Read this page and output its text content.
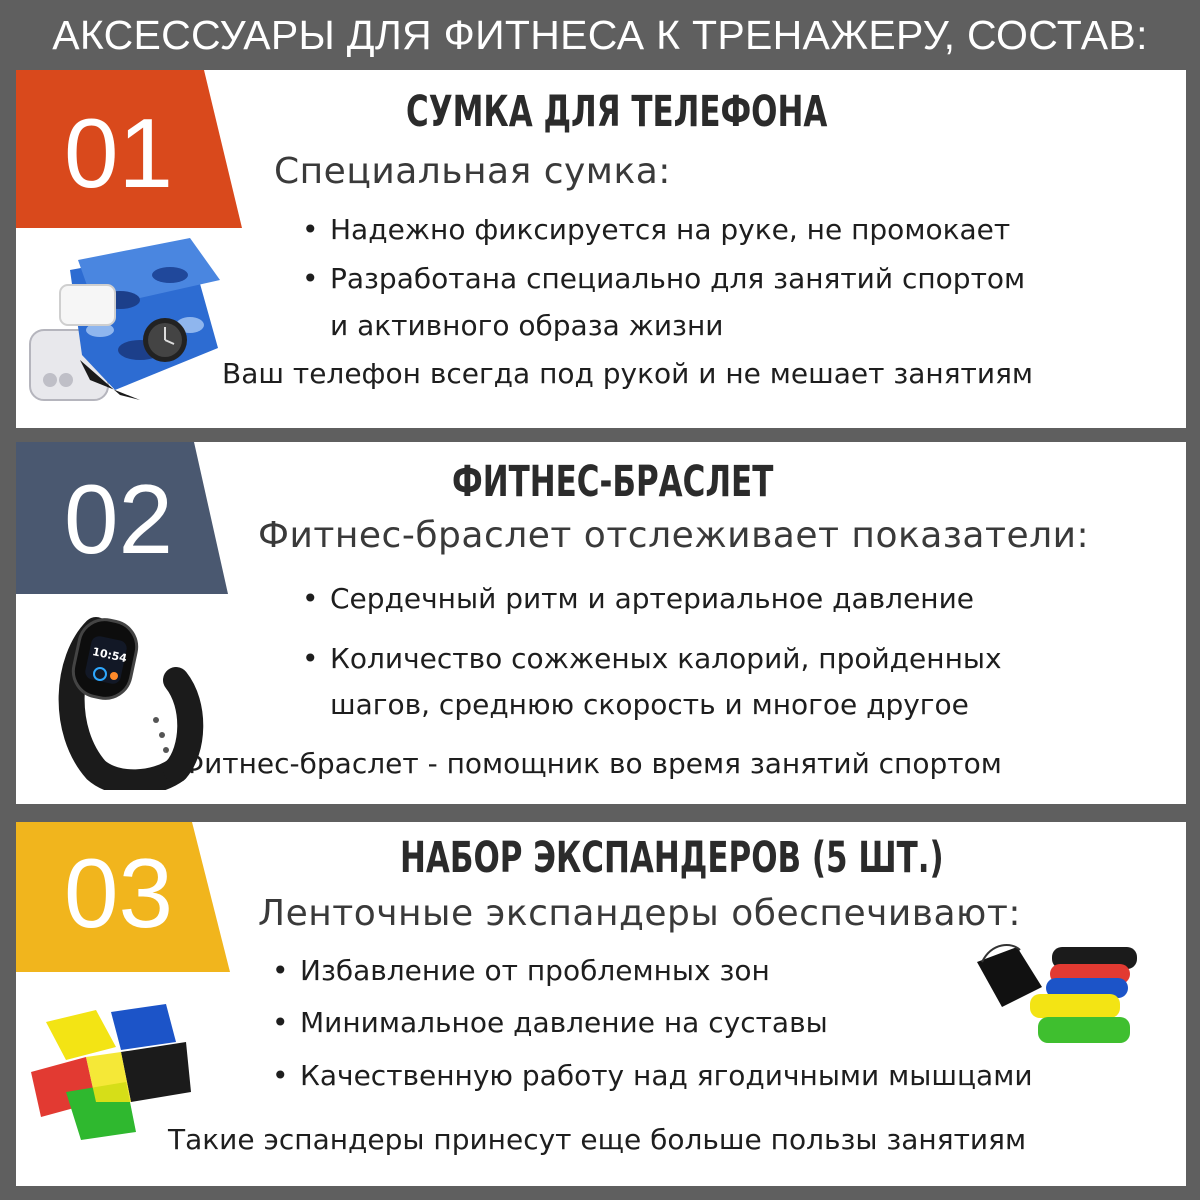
АКСЕССУАРЫ ДЛЯ ФИТНЕСА К ТРЕНАЖЕРУ, СОСТАВ:
01	СУМКА ДЛЯ ТЕЛЕФОНА
Специальная сумка:
• Надежно фиксируется на руке, не промокает
• Разработана специально для занятий спортом
и активного образа жизни
Ваш телефон всегда под рукой и не мешает занятиям
02	ФИТНЕС-БРАСЛЕТ
Фитнес-браслет отслеживает показатели:
• Сердечный ритм и артериальное давление
• Количество сожженых калорий, пройденных
шагов, среднюю скорость и многое другое
Фитнес-браслет - помощник во время занятий спортом
10:54
03	НАБОР ЭКСПАНДЕРОВ (5 ШТ.)
Ленточные экспандеры обеспечивают:
• Избавление от проблемных зон
• Минимальное давление на суставы
• Качественную работу над ягодичными мышцами
Такие эспандеры принесут еще больше пользы занятиям
